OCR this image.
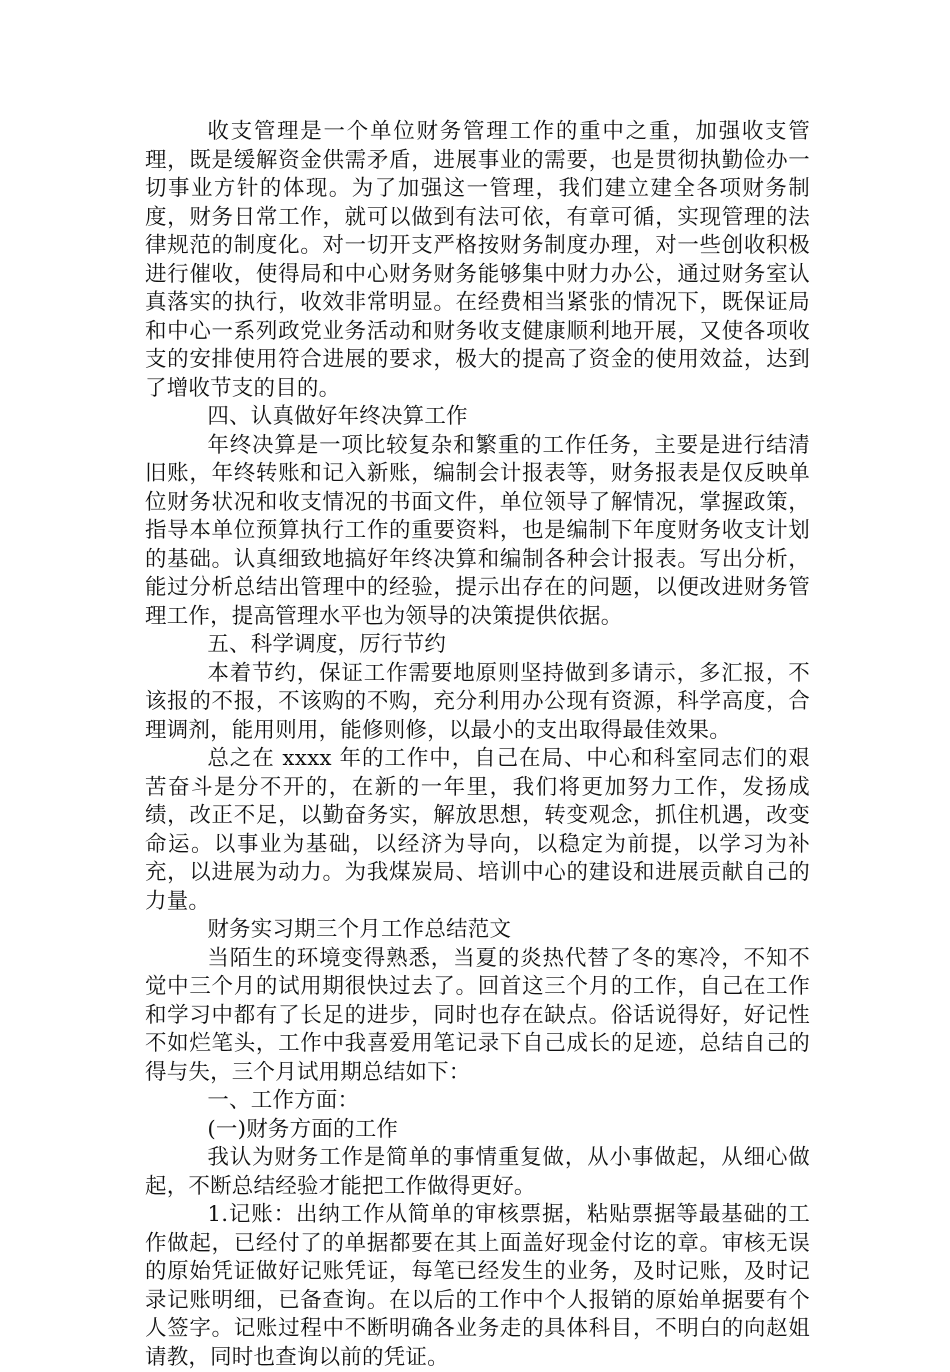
收支管理是一个单位财务管理工作的重中之重，加强收支管理，既是缓解资金供需矛盾，进展事业的需要，也是贯彻执勤俭办一切事业方针的体现。为了加强这一管理，我们建立建全各项财务制度，财务日常工作，就可以做到有法可依，有章可循，实现管理的法律规范的制度化。对一切开支严格按财务制度办理，对一些创收积极进行催收，使得局和中心财务财务能够集中财力办公，通过财务室认真落实的执行，收效非常明显。在经费相当紧张的情况下，既保证局和中心一系列政党业务活动和财务收支健康顺利地开展，又使各项收支的安排使用符合进展的要求，极大的提高了资金的使用效益，达到了增收节支的目的。

四、认真做好年终决算工作

年终决算是一项比较复杂和繁重的工作任务，主要是进行结清旧账，年终转账和记入新账，编制会计报表等，财务报表是仅反映单位财务状况和收支情况的书面文件，单位领导了解情况，掌握政策，指导本单位预算执行工作的重要资料，也是编制下年度财务收支计划的基础。认真细致地搞好年终决算和编制各种会计报表。写出分析，能过分析总结出管理中的经验，提示出存在的问题，以便改进财务管理工作，提高管理水平也为领导的决策提供依据。

五、科学调度，厉行节约

本着节约，保证工作需要地原则坚持做到多请示，多汇报，不该报的不报，不该购的不购，充分利用办公现有资源，科学高度，合理调剂，能用则用，能修则修，以最小的支出取得最佳效果。

总之在 xxxx 年的工作中，自己在局、中心和科室同志们的艰苦奋斗是分不开的，在新的一年里，我们将更加努力工作，发扬成绩，改正不足，以勤奋务实，解放思想，转变观念，抓住机遇，改变命运。以事业为基础，以经济为导向，以稳定为前提，以学习为补充，以进展为动力。为我煤炭局、培训中心的建设和进展贡献自己的力量。

财务实习期三个月工作总结范文

当陌生的环境变得熟悉，当夏的炎热代替了冬的寒冷，不知不觉中三个月的试用期很快过去了。回首这三个月的工作，自己在工作和学习中都有了长足的进步，同时也存在缺点。俗话说得好，好记性不如烂笔头，工作中我喜爱用笔记录下自己成长的足迹，总结自己的得与失，三个月试用期总结如下：

一、工作方面：

(一)财务方面的工作

我认为财务工作是简单的事情重复做，从小事做起，从细心做起，不断总结经验才能把工作做得更好。

1.记账：出纳工作从简单的审核票据，粘贴票据等最基础的工作做起，已经付了的单据都要在其上面盖好现金付讫的章。审核无误的原始凭证做好记账凭证，每笔已经发生的业务，及时记账，及时记录记账明细，已备查询。在以后的工作中个人报销的原始单据要有个人签字。记账过程中不断明确各业务走的具体科目，不明白的向赵姐请教，同时也查询以前的凭证。
